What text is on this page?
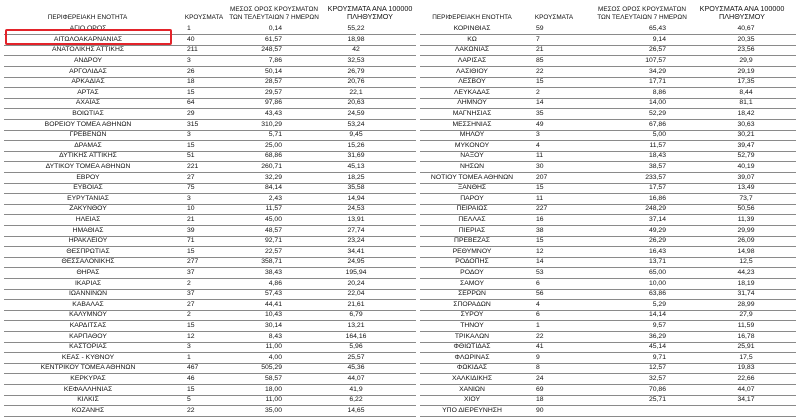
ΠΕΡΙΦΕΡΕΙΑΚΗ ΕΝΟΤΗΤΑ	ΚΡΟΥΣΜΑΤΑ
ΜΕΣΟΣ ΟΡΟΣ ΚΡΟΥΣΜΑΤΩΝ
ΤΩΝ ΤΕΛΕΥΤΑΙΩΝ 7 ΗΜΕΡΩΝ
ΚΡΟΥΣΜΑΤΑ ΑΝΑ 100000
ΠΛΗΘΥΣΜΟΥ	ΠΕΡΙΦΕΡΕΙΑΚΗ ΕΝΟΤΗΤΑ	ΚΡΟΥΣΜΑΤΑ
ΜΕΣΟΣ ΟΡΟΣ ΚΡΟΥΣΜΑΤΩΝ
ΤΩΝ ΤΕΛΕΥΤΑΙΩΝ 7 ΗΜΕΡΩΝ
ΚΡΟΥΣΜΑΤΑ ΑΝΑ 100000
ΠΛΗΘΥΣΜΟΥ
ΑΓΙΟ ΟΡΟΣ	1	0,14	55,22
ΑΙΤΩΛΟΑΚΑΡΝΑΝΙΑΣ	40	61,57	18,98
ΑΝΑΤΟΛΙΚΗΣ ΑΤΤΙΚΗΣ	211	248,57	42
ΑΝΔΡΟΥ	3	7,86	32,53
ΑΡΓΟΛΙΔΑΣ	26	50,14	26,79
ΑΡΚΑΔΙΑΣ	18	28,57	20,76
ΑΡΤΑΣ	15	29,57	22,1
ΑΧΑΪΑΣ	64	97,86	20,63
ΒΟΙΩΤΙΑΣ	29	43,43	24,59
ΒΟΡΕΙΟΥ ΤΟΜΕΑ ΑΘΗΝΩΝ	315	310,29	53,24
ΓΡΕΒΕΝΩΝ	3	5,71	9,45
ΔΡΑΜΑΣ	15	25,00	15,26
ΔΥΤΙΚΗΣ ΑΤΤΙΚΗΣ	51	68,86	31,69
ΔΥΤΙΚΟΥ ΤΟΜΕΑ ΑΘΗΝΩΝ	221	260,71	45,13
ΕΒΡΟΥ	27	32,29	18,25
ΕΥΒΟΙΑΣ	75	84,14	35,58
ΕΥΡΥΤΑΝΙΑΣ	3	2,43	14,94
ΖΑΚΥΝΘΟΥ	10	11,57	24,53
ΗΛΕΙΑΣ	21	45,00	13,91
ΗΜΑΘΙΑΣ	39	48,57	27,74
ΗΡΑΚΛΕΙΟΥ	71	92,71	23,24
ΘΕΣΠΡΩΤΙΑΣ	15	22,57	34,41
ΘΕΣΣΑΛΟΝΙΚΗΣ	277	358,71	24,95
ΘΗΡΑΣ	37	38,43	195,94
ΙΚΑΡΙΑΣ	2	4,86	20,24
ΙΩΑΝΝΙΝΩΝ	37	57,43	22,04
ΚΑΒΑΛΑΣ	27	44,41	21,61
ΚΑΛΥΜΝΟΥ	2	10,43	6,79
ΚΑΡΔΙΤΣΑΣ	15	30,14	13,21
ΚΑΡΠΑΘΟΥ	12	8,43	164,16
ΚΑΣΤΟΡΙΑΣ	3	11,00	5,96
ΚΕΑΣ - ΚΥΘΝΟΥ	1	4,00	25,57
ΚΕΝΤΡΙΚΟΥ ΤΟΜΕΑ ΑΘΗΝΩΝ	467	505,29	45,36
ΚΕΡΚΥΡΑΣ	46	58,57	44,07
ΚΕΦΑΛΛΗΝΙΑΣ	15	18,00	41,9
ΚΙΛΚΙΣ	5	11,00	6,22
ΚΟΖΑΝΗΣ	22	35,00	14,65
ΚΟΡΙΝΘΙΑΣ	59	65,43	40,67
ΚΩ	7	9,14	20,35
ΛΑΚΩΝΙΑΣ	21	26,57	23,56
ΛΑΡΙΣΑΣ	85	107,57	29,9
ΛΑΣΙΘΙΟΥ	22	34,29	29,19
ΛΕΣΒΟΥ	15	17,71	17,35
ΛΕΥΚΑΔΑΣ	2	8,86	8,44
ΛΗΜΝΟΥ	14	14,00	81,1
ΜΑΓΝΗΣΙΑΣ	35	52,29	18,42
ΜΕΣΣΗΝΙΑΣ	49	67,86	30,63
ΜΗΛΟΥ	3	5,00	30,21
ΜΥΚΟΝΟΥ	4	11,57	39,47
ΝΑΞΟΥ	11	18,43	52,79
ΝΗΣΩΝ	30	38,57	40,19
ΝΟΤΙΟΥ ΤΟΜΕΑ ΑΘΗΝΩΝ	207	233,57	39,07
ΞΑΝΘΗΣ	15	17,57	13,49
ΠΑΡΟΥ	11	16,86	73,7
ΠΕΙΡΑΙΩΣ	227	248,29	50,56
ΠΕΛΛΑΣ	16	37,14	11,39
ΠΙΕΡΙΑΣ	38	49,29	29,99
ΠΡΕΒΕΖΑΣ	15	26,29	26,09
ΡΕΘΥΜΝΟΥ	12	16,43	14,98
ΡΟΔΟΠΗΣ	14	13,71	12,5
ΡΟΔΟΥ	53	65,00	44,23
ΣΑΜΟΥ	6	10,00	18,19
ΣΕΡΡΩΝ	56	63,86	31,74
ΣΠΟΡΑΔΩΝ	4	5,29	28,99
ΣΥΡΟΥ	6	14,14	27,9
ΤΗΝΟΥ	1	9,57	11,59
ΤΡΙΚΑΛΩΝ	22	36,29	16,78
ΦΘΙΩΤΙΔΑΣ	41	45,14	25,91
ΦΛΩΡΙΝΑΣ	9	9,71	17,5
ΦΩΚΙΔΑΣ	8	12,57	19,83
ΧΑΛΚΙΔΙΚΗΣ	24	32,57	22,66
ΧΑΝΙΩΝ	69	70,86	44,07
ΧΙΟΥ	18	25,71	34,17
ΥΠΟ ΔΙΕΡΕΥΝΗΣΗ	90
